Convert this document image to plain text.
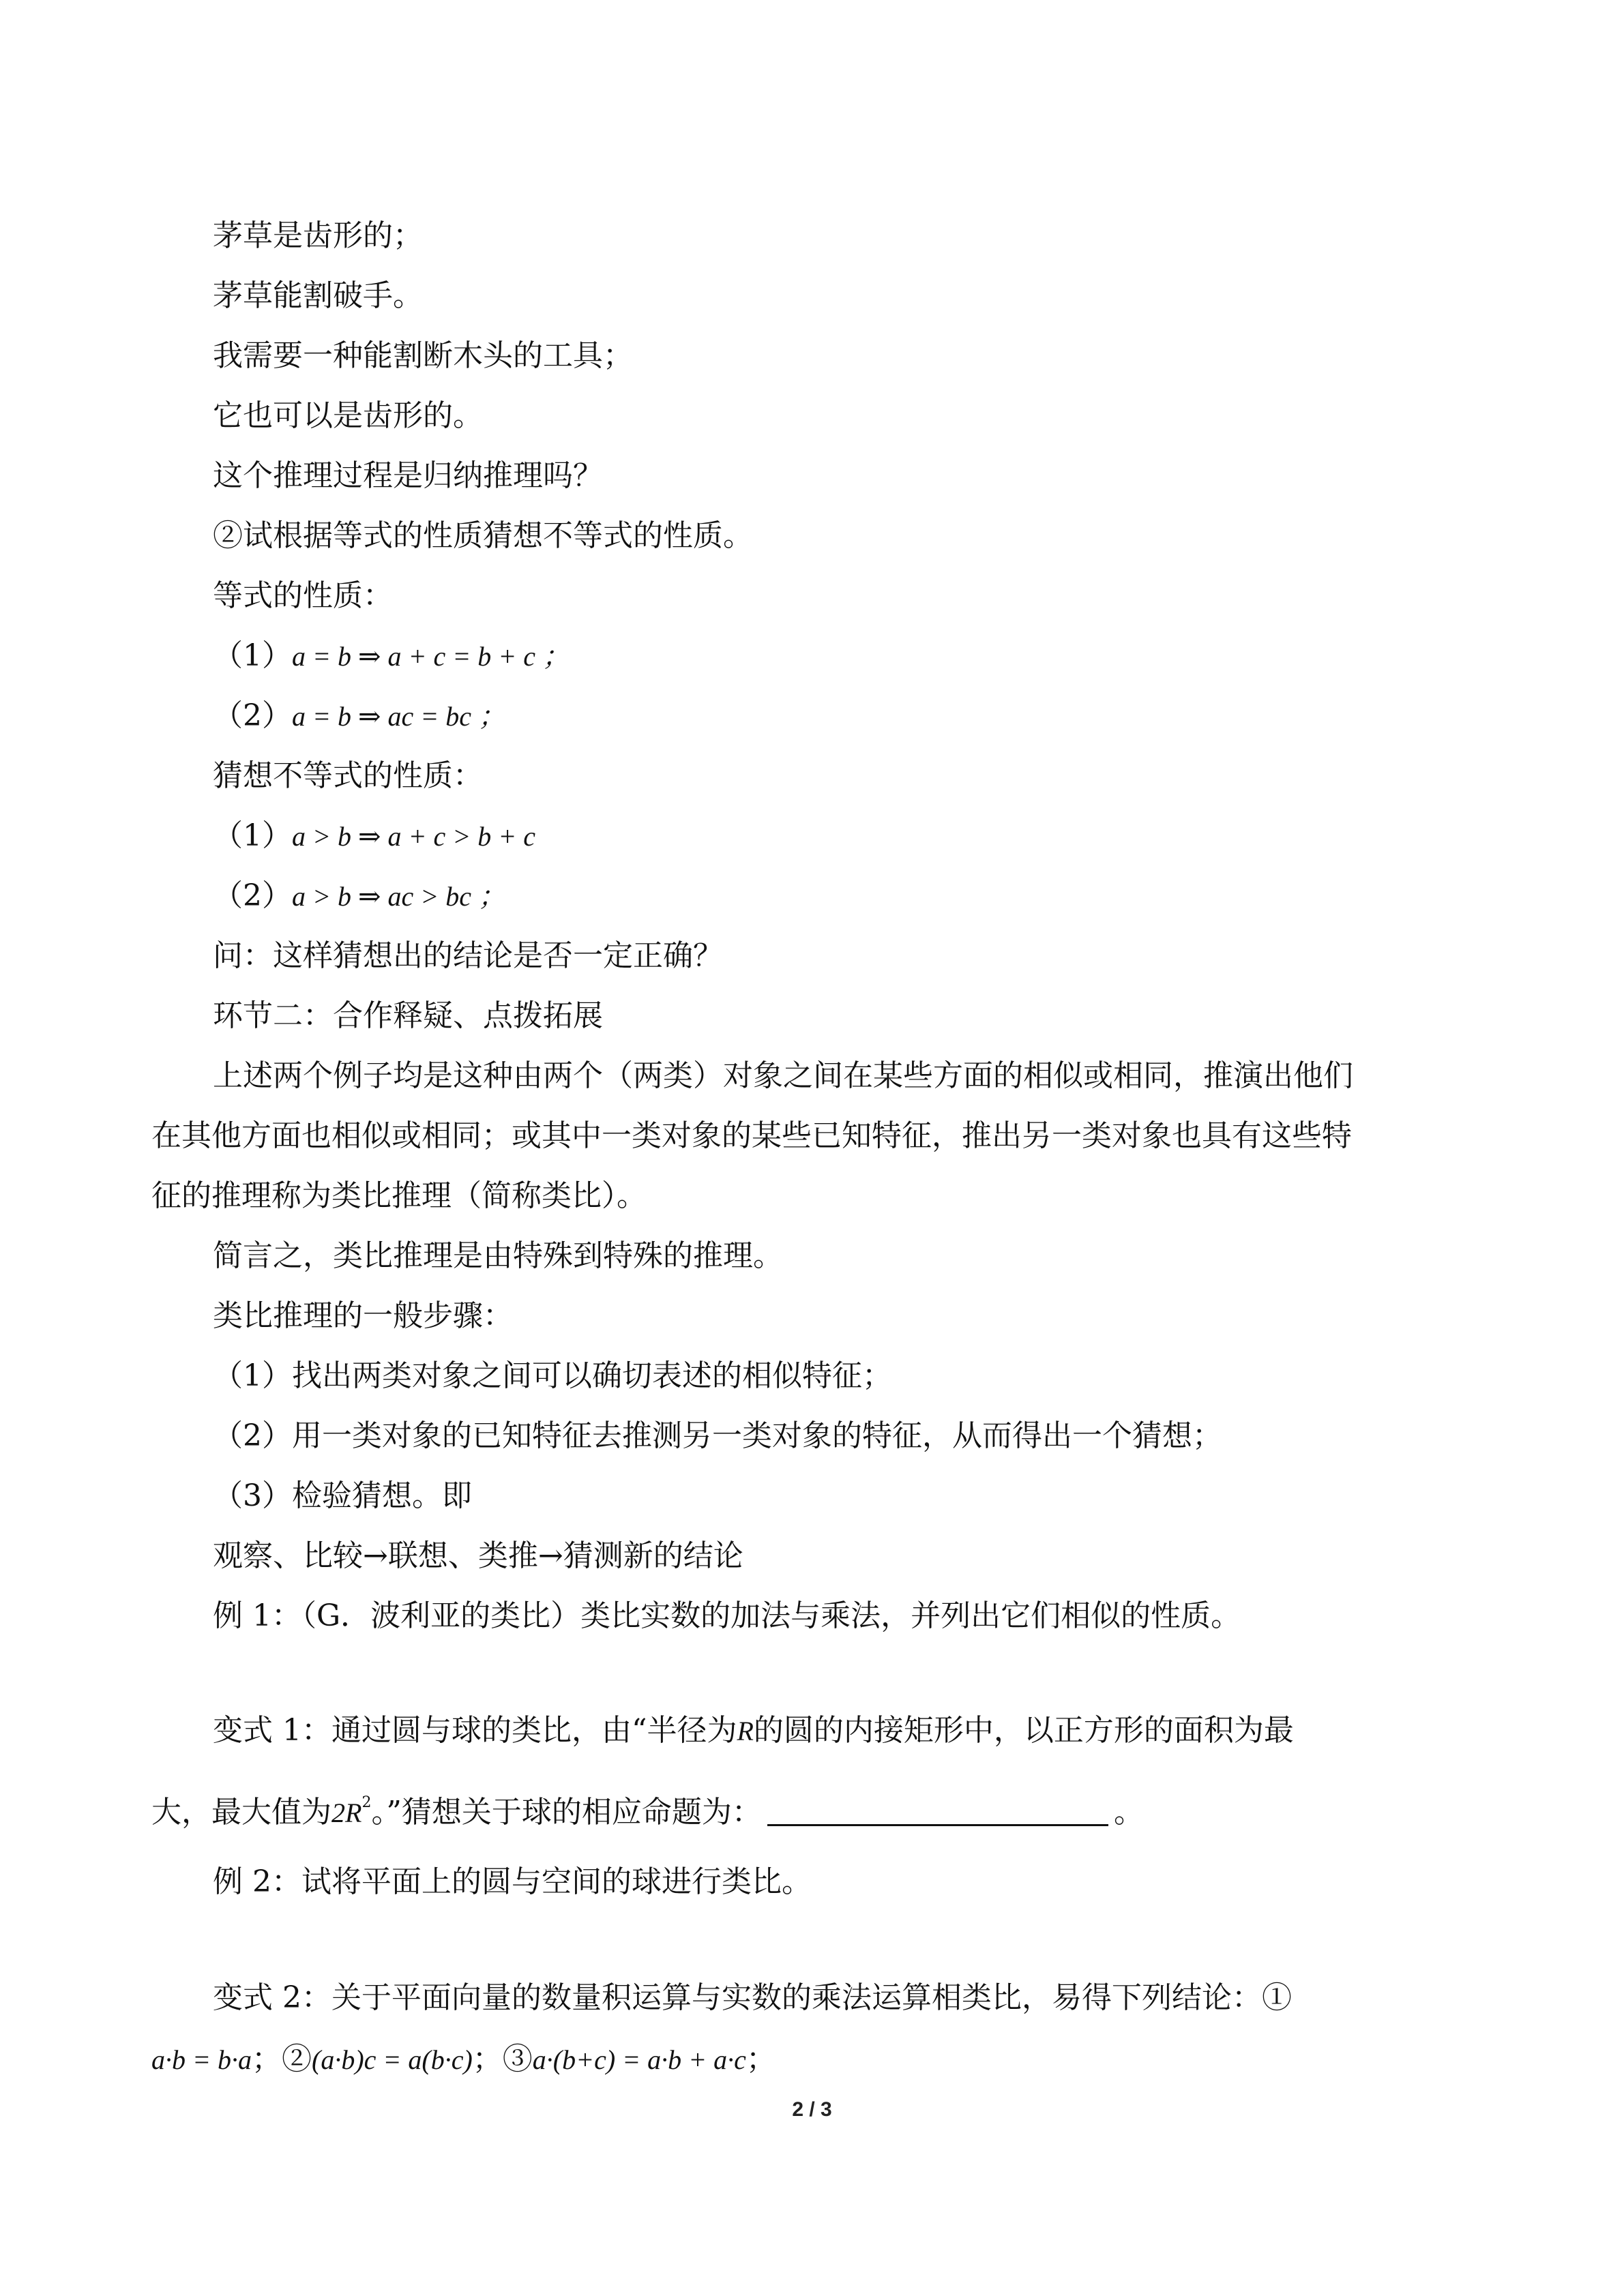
茅草是齿形的；
茅草能割破手。
我需要一种能割断木头的工具；
它也可以是齿形的。
这个推理过程是归纳推理吗？
②试根据等式的性质猜想不等式的性质。
等式的性质：
（1）a = b ⇒ a + c = b + c ；
（2）a = b ⇒ ac = bc ；
猜想不等式的性质：
（1）a > b ⇒ a + c > b + c
（2）a > b ⇒ ac > bc ；
问：这样猜想出的结论是否一定正确？
环节二：合作释疑、点拨拓展
上述两个例子均是这种由两个（两类）对象之间在某些方面的相似或相同，推演出他们
在其他方面也相似或相同；或其中一类对象的某些已知特征，推出另一类对象也具有这些特
征的推理称为类比推理（简称类比）。
简言之，类比推理是由特殊到特殊的推理。
类比推理的一般步骤：
（1）找出两类对象之间可以确切表述的相似特征；
（2）用一类对象的已知特征去推测另一类对象的特征，从而得出一个猜想；
（3）检验猜想。即
观察、比较→联想、类推→猜测新的结论
例 1：（G．波利亚的类比）类比实数的加法与乘法，并列出它们相似的性质。
变式 1：通过圆与球的类比，由“半径为R的圆的内接矩形中，以正方形的面积为最
大，最大值为$2R^2$。”猜想关于球的相应命题为：	。
例 2：试将平面上的圆与空间的球进行类比。
变式 2：关于平面向量的数量积运算与实数的乘法运算相类比，易得下列结论：①
a·b = b·a；②(a·b)c = a(b·c)；③a·(b+c) = a·b + a·c；
2 / 3
